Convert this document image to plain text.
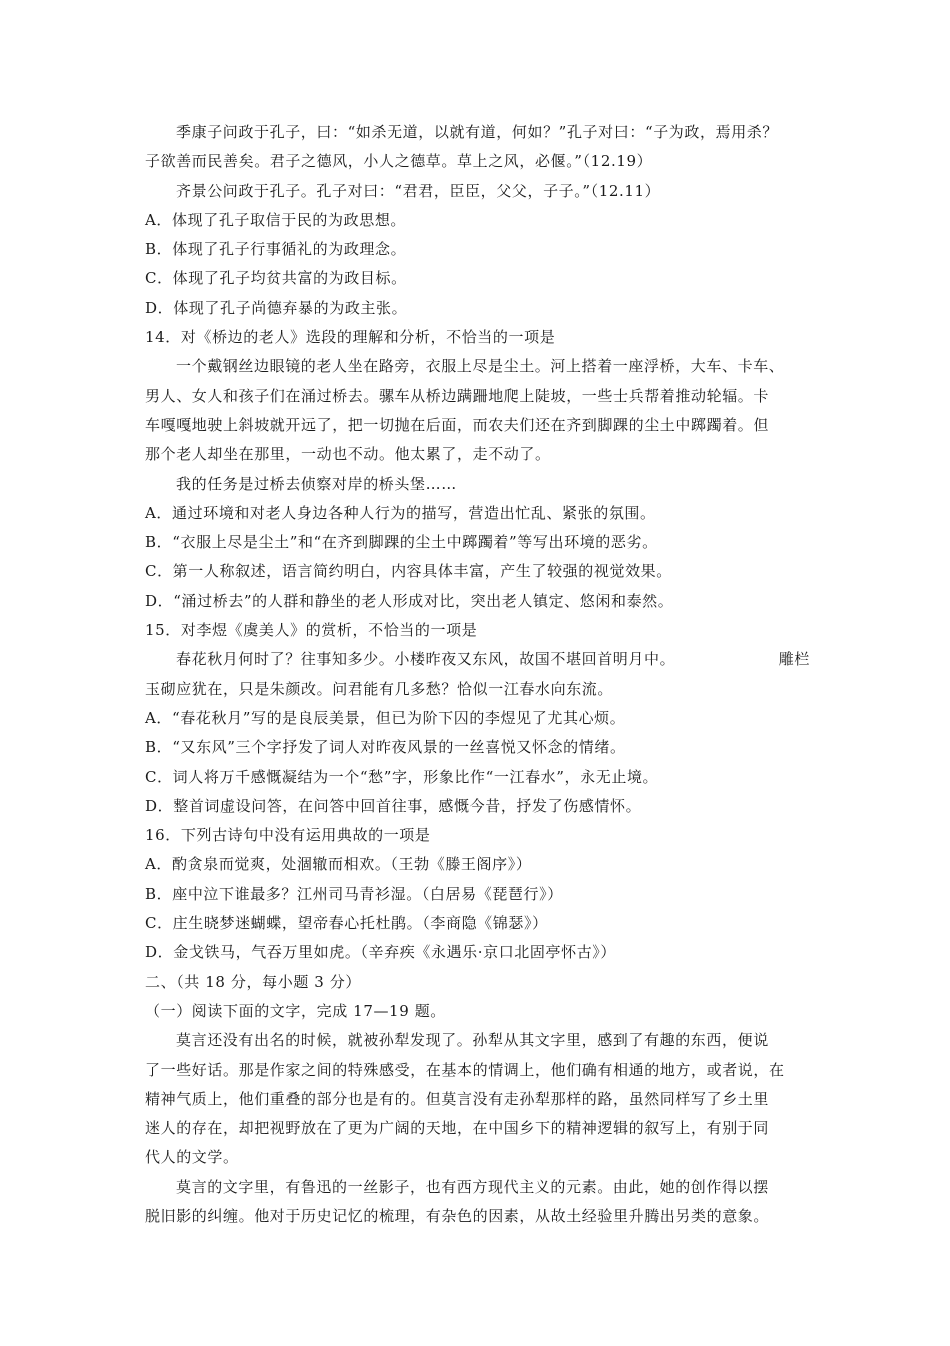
季康子问政于孔子，曰：“如杀无道，以就有道，何如？”孔子对曰：“子为政，焉用杀？
子欲善而民善矣。君子之德风，小人之德草。草上之风，必偃。”（12.19）
齐景公问政于孔子。孔子对曰：“君君，臣臣，父父，子子。”（12.11）
A．体现了孔子取信于民的为政思想。
B．体现了孔子行事循礼的为政理念。
C．体现了孔子均贫共富的为政目标。
D．体现了孔子尚德弃暴的为政主张。
14．对《桥边的老人》选段的理解和分析，不恰当的一项是
一个戴钢丝边眼镜的老人坐在路旁，衣服上尽是尘土。河上搭着一座浮桥，大车、卡车、
男人、女人和孩子们在涌过桥去。骡车从桥边蹒跚地爬上陡坡，一些士兵帮着推动轮辐。卡
车嘎嘎地驶上斜坡就开远了，把一切抛在后面，而农夫们还在齐到脚踝的尘土中踯躅着。但
那个老人却坐在那里，一动也不动。他太累了，走不动了。
我的任务是过桥去侦察对岸的桥头堡……
A．通过环境和对老人身边各种人行为的描写，营造出忙乱、紧张的氛围。
B．“衣服上尽是尘土”和“在齐到脚踝的尘土中踯躅着”等写出环境的恶劣。
C．第一人称叙述，语言简约明白，内容具体丰富，产生了较强的视觉效果。
D．“涌过桥去”的人群和静坐的老人形成对比，突出老人镇定、悠闲和泰然。
15．对李煜《虞美人》的赏析，不恰当的一项是
春花秋月何时了？往事知多少。小楼昨夜又东风，故国不堪回首明月中。	雕栏
玉砌应犹在，只是朱颜改。问君能有几多愁？恰似一江春水向东流。
A．“春花秋月”写的是良辰美景，但已为阶下囚的李煜见了尤其心烦。
B．“又东风”三个字抒发了词人对昨夜风景的一丝喜悦又怀念的情绪。
C．词人将万千感慨凝结为一个“愁”字，形象比作“一江春水”，永无止境。
D．整首词虚设问答，在问答中回首往事，感慨今昔，抒发了伤感情怀。
16．下列古诗句中没有运用典故的一项是
A．酌贪泉而觉爽，处涸辙而相欢。（王勃《滕王阁序》）
B．座中泣下谁最多？江州司马青衫湿。（白居易《琵琶行》）
C．庄生晓梦迷蝴蝶，望帝春心托杜鹃。（李商隐《锦瑟》）
D．金戈铁马，气吞万里如虎。（辛弃疾《永遇乐·京口北固亭怀古》）
二、（共 18 分，每小题 3 分）
（一）阅读下面的文字，完成 17—19 题。
莫言还没有出名的时候，就被孙犁发现了。孙犁从其文字里，感到了有趣的东西，便说
了一些好话。那是作家之间的特殊感受，在基本的情调上，他们确有相通的地方，或者说，在
精神气质上，他们重叠的部分也是有的。但莫言没有走孙犁那样的路，虽然同样写了乡土里
迷人的存在，却把视野放在了更为广阔的天地，在中国乡下的精神逻辑的叙写上，有别于同
代人的文学。
莫言的文字里，有鲁迅的一丝影子，也有西方现代主义的元素。由此，她的创作得以摆
脱旧影的纠缠。他对于历史记忆的梳理，有杂色的因素，从故土经验里升腾出另类的意象。
